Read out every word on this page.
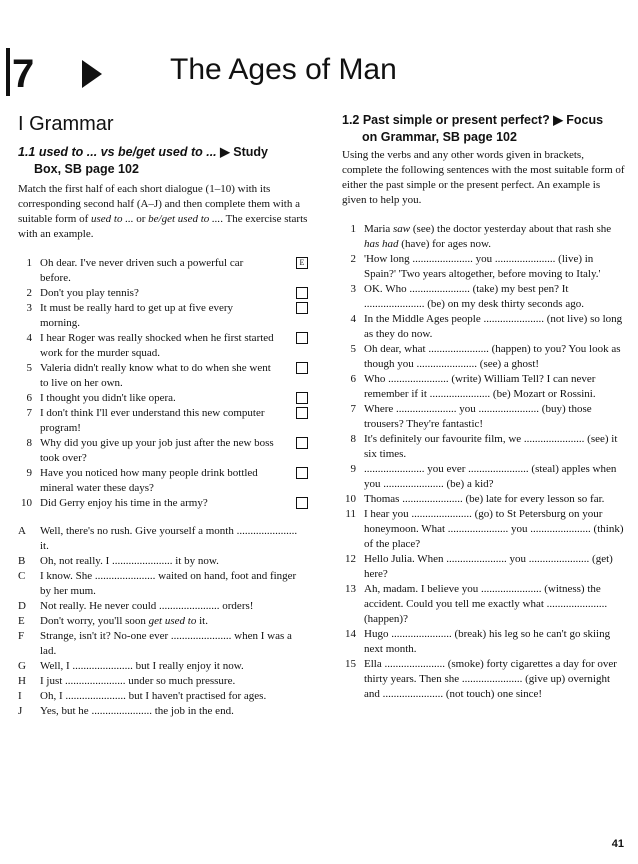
7	The Ages of Man
I Grammar
1.1 used to ... vs be/get used to ... ▶ Study
Box, SB page 102
Match the first half of each short dialogue (1–10) with its corresponding second half (A–J) and then complete them with a suitable form of used to ... or be/get used to .... The exercise starts with an example.
1 Oh dear. I've never driven such a powerful car before.
E
2 Don't you play tennis?
3 It must be really hard to get up at five every morning.
4 I hear Roger was really shocked when he first started work for the murder squad.
5 Valeria didn't really know what to do when she went to live on her own.
6 I thought you didn't like opera.
7 I don't think I'll ever understand this new computer program!
8 Why did you give up your job just after the new boss took over?
9 Have you noticed how many people drink bottled mineral water these days?
10 Did Gerry enjoy his time in the army?
A	Well, there's no rush. Give yourself a month ...................... it.
B	Oh, not really. I ...................... it by now.
C	I know. She ...................... waited on hand, foot and finger by her mum.
D	Not really. He never could ...................... orders!
E	Don't worry, you'll soon get used to it.
F	Strange, isn't it? No-one ever ...................... when I was a lad.
G	Well, I ...................... but I really enjoy it now.
H	I just ...................... under so much pressure.
I	Oh, I ...................... but I haven't practised for ages.
J	Yes, but he ...................... the job in the end.
1.2 Past simple or present perfect? ▶ Focus
on Grammar, SB page 102
Using the verbs and any other words given in brackets, complete the following sentences with the most suitable form of either the past simple or the present perfect. An example is given to help you.
1 Maria saw (see) the doctor yesterday about that rash she has had (have) for ages now.
2 'How long ...................... you ...................... (live) in Spain?' 'Two years altogether, before moving to Italy.'
3 OK. Who ...................... (take) my best pen? It ...................... (be) on my desk thirty seconds ago.
4 In the Middle Ages people ...................... (not live) so long as they do now.
5 Oh dear, what ...................... (happen) to you? You look as though you ...................... (see) a ghost!
6 Who ...................... (write) William Tell? I can never remember if it ...................... (be) Mozart or Rossini.
7 Where ...................... you ...................... (buy) those trousers? They're fantastic!
8 It's definitely our favourite film, we ...................... (see) it six times.
9 ...................... you ever ...................... (steal) apples when you ...................... (be) a kid?
10 Thomas ...................... (be) late for every lesson so far.
11 I hear you ...................... (go) to St Petersburg on your honeymoon. What ...................... you ...................... (think) of the place?
12 Hello Julia. When ...................... you ...................... (get) here?
13 Ah, madam. I believe you ...................... (witness) the accident. Could you tell me exactly what ...................... (happen)?
14 Hugo ...................... (break) his leg so he can't go skiing next month.
15 Ella ...................... (smoke) forty cigarettes a day for over thirty years. Then she ...................... (give up) overnight and ...................... (not touch) one since!
41
